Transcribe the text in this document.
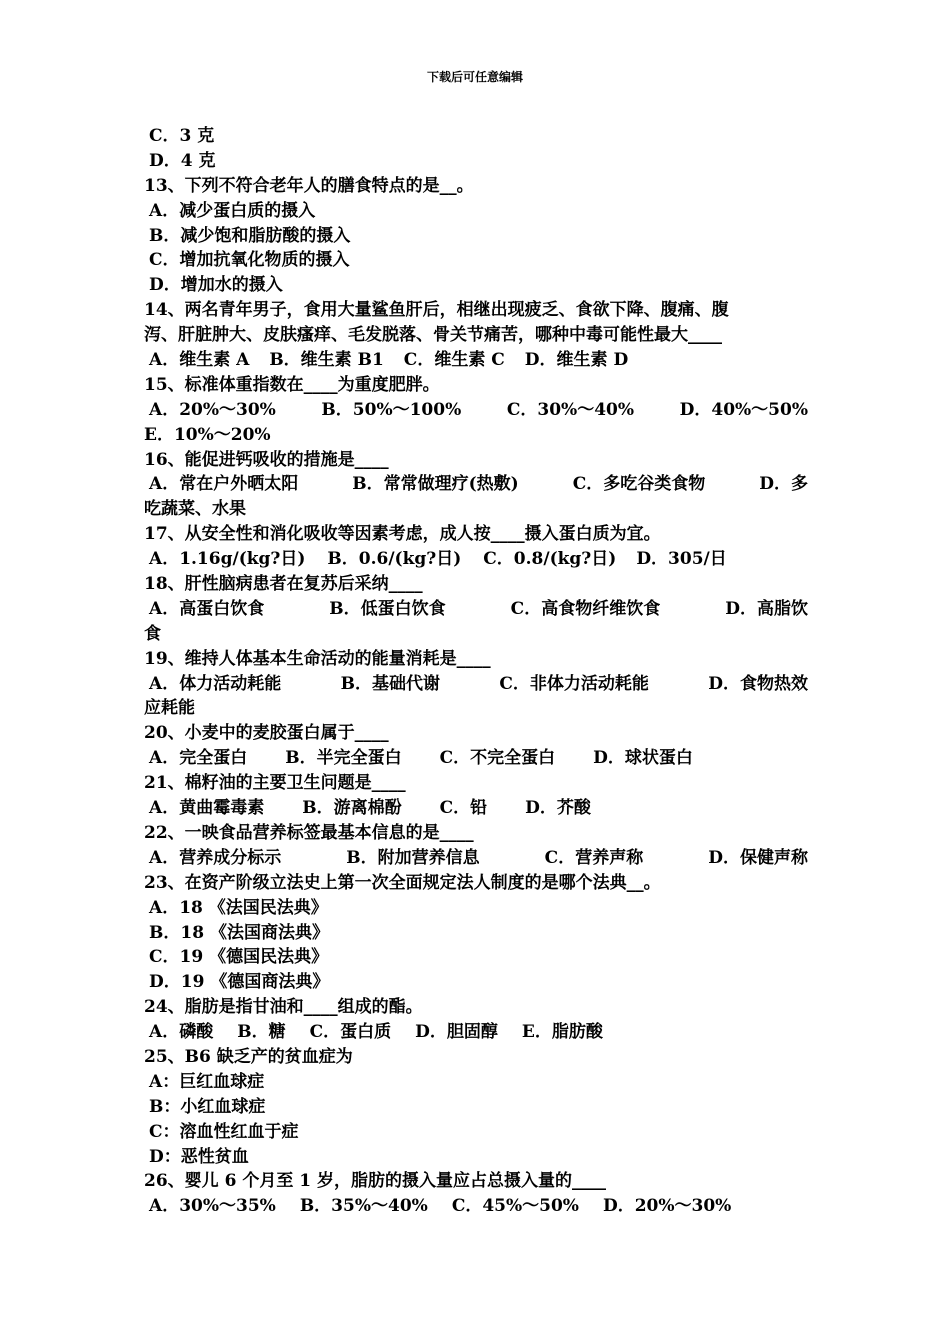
下载后可任意编辑
C．3 克
D．4 克
13、下列不符合老年人的膳食特点的是__。
A．减少蛋白质的摄入
B．减少饱和脂肪酸的摄入
C．增加抗氧化物质的摄入
D．增加水的摄入
14、两名青年男子，食用大量鲨鱼肝后，相继出现疲乏、食欲下降、腹痛、腹
泻、肝脏肿大、皮肤瘙痒、毛发脱落、骨关节痛苦，哪种中毒可能性最大____
A．维生素 A B．维生素 B1 C．维生素 C D．维生素 D
15、标准体重指数在____为重度肥胖。
A．20%～30%	B．50%～100%	C．30%～40%	D．40%～50%
E．10%～20%
16、能促进钙吸收的措施是____
A．常在户外晒太阳	B．常常做理疗(热敷)	C．多吃谷类食物	D．多
吃蔬菜、水果
17、从安全性和消化吸收等因素考虑，成人按____摄入蛋白质为宜。
A．1.16g/(kg?日) B．0.6/(kg?日) C．0.8/(kg?日) D．305/日
18、肝性脑病患者在复苏后采纳____
A．高蛋白饮食	B．低蛋白饮食	C．高食物纤维饮食	D．高脂饮
食
19、维持人体基本生命活动的能量消耗是____
A．体力活动耗能	B．基础代谢	C．非体力活动耗能	D．食物热效
应耗能
20、小麦中的麦胶蛋白属于____
A．完全蛋白 B．半完全蛋白 C．不完全蛋白 D．球状蛋白
21、棉籽油的主要卫生问题是____
A．黄曲霉毒素 B．游离棉酚 C．铅 D．芥酸
22、一映食品营养标签最基本信息的是____
A．营养成分标示	B．附加营养信息	C．营养声称	D．保健声称
23、在资产阶级立法史上第一次全面规定法人制度的是哪个法典__。
A．18 《法国民法典》
B．18 《法国商法典》
C．19 《德国民法典》
D．19 《德国商法典》
24、脂肪是指甘油和____组成的酯。
A．磷酸 B．糖 C．蛋白质 D．胆固醇 E．脂肪酸
25、B6 缺乏产的贫血症为
A：巨红血球症
B：小红血球症
C：溶血性红血于症
D：恶性贫血
26、婴儿 6 个月至 1 岁，脂肪的摄入量应占总摄入量的____
A．30%～35% B．35%～40% C．45%～50% D．20%～30%
